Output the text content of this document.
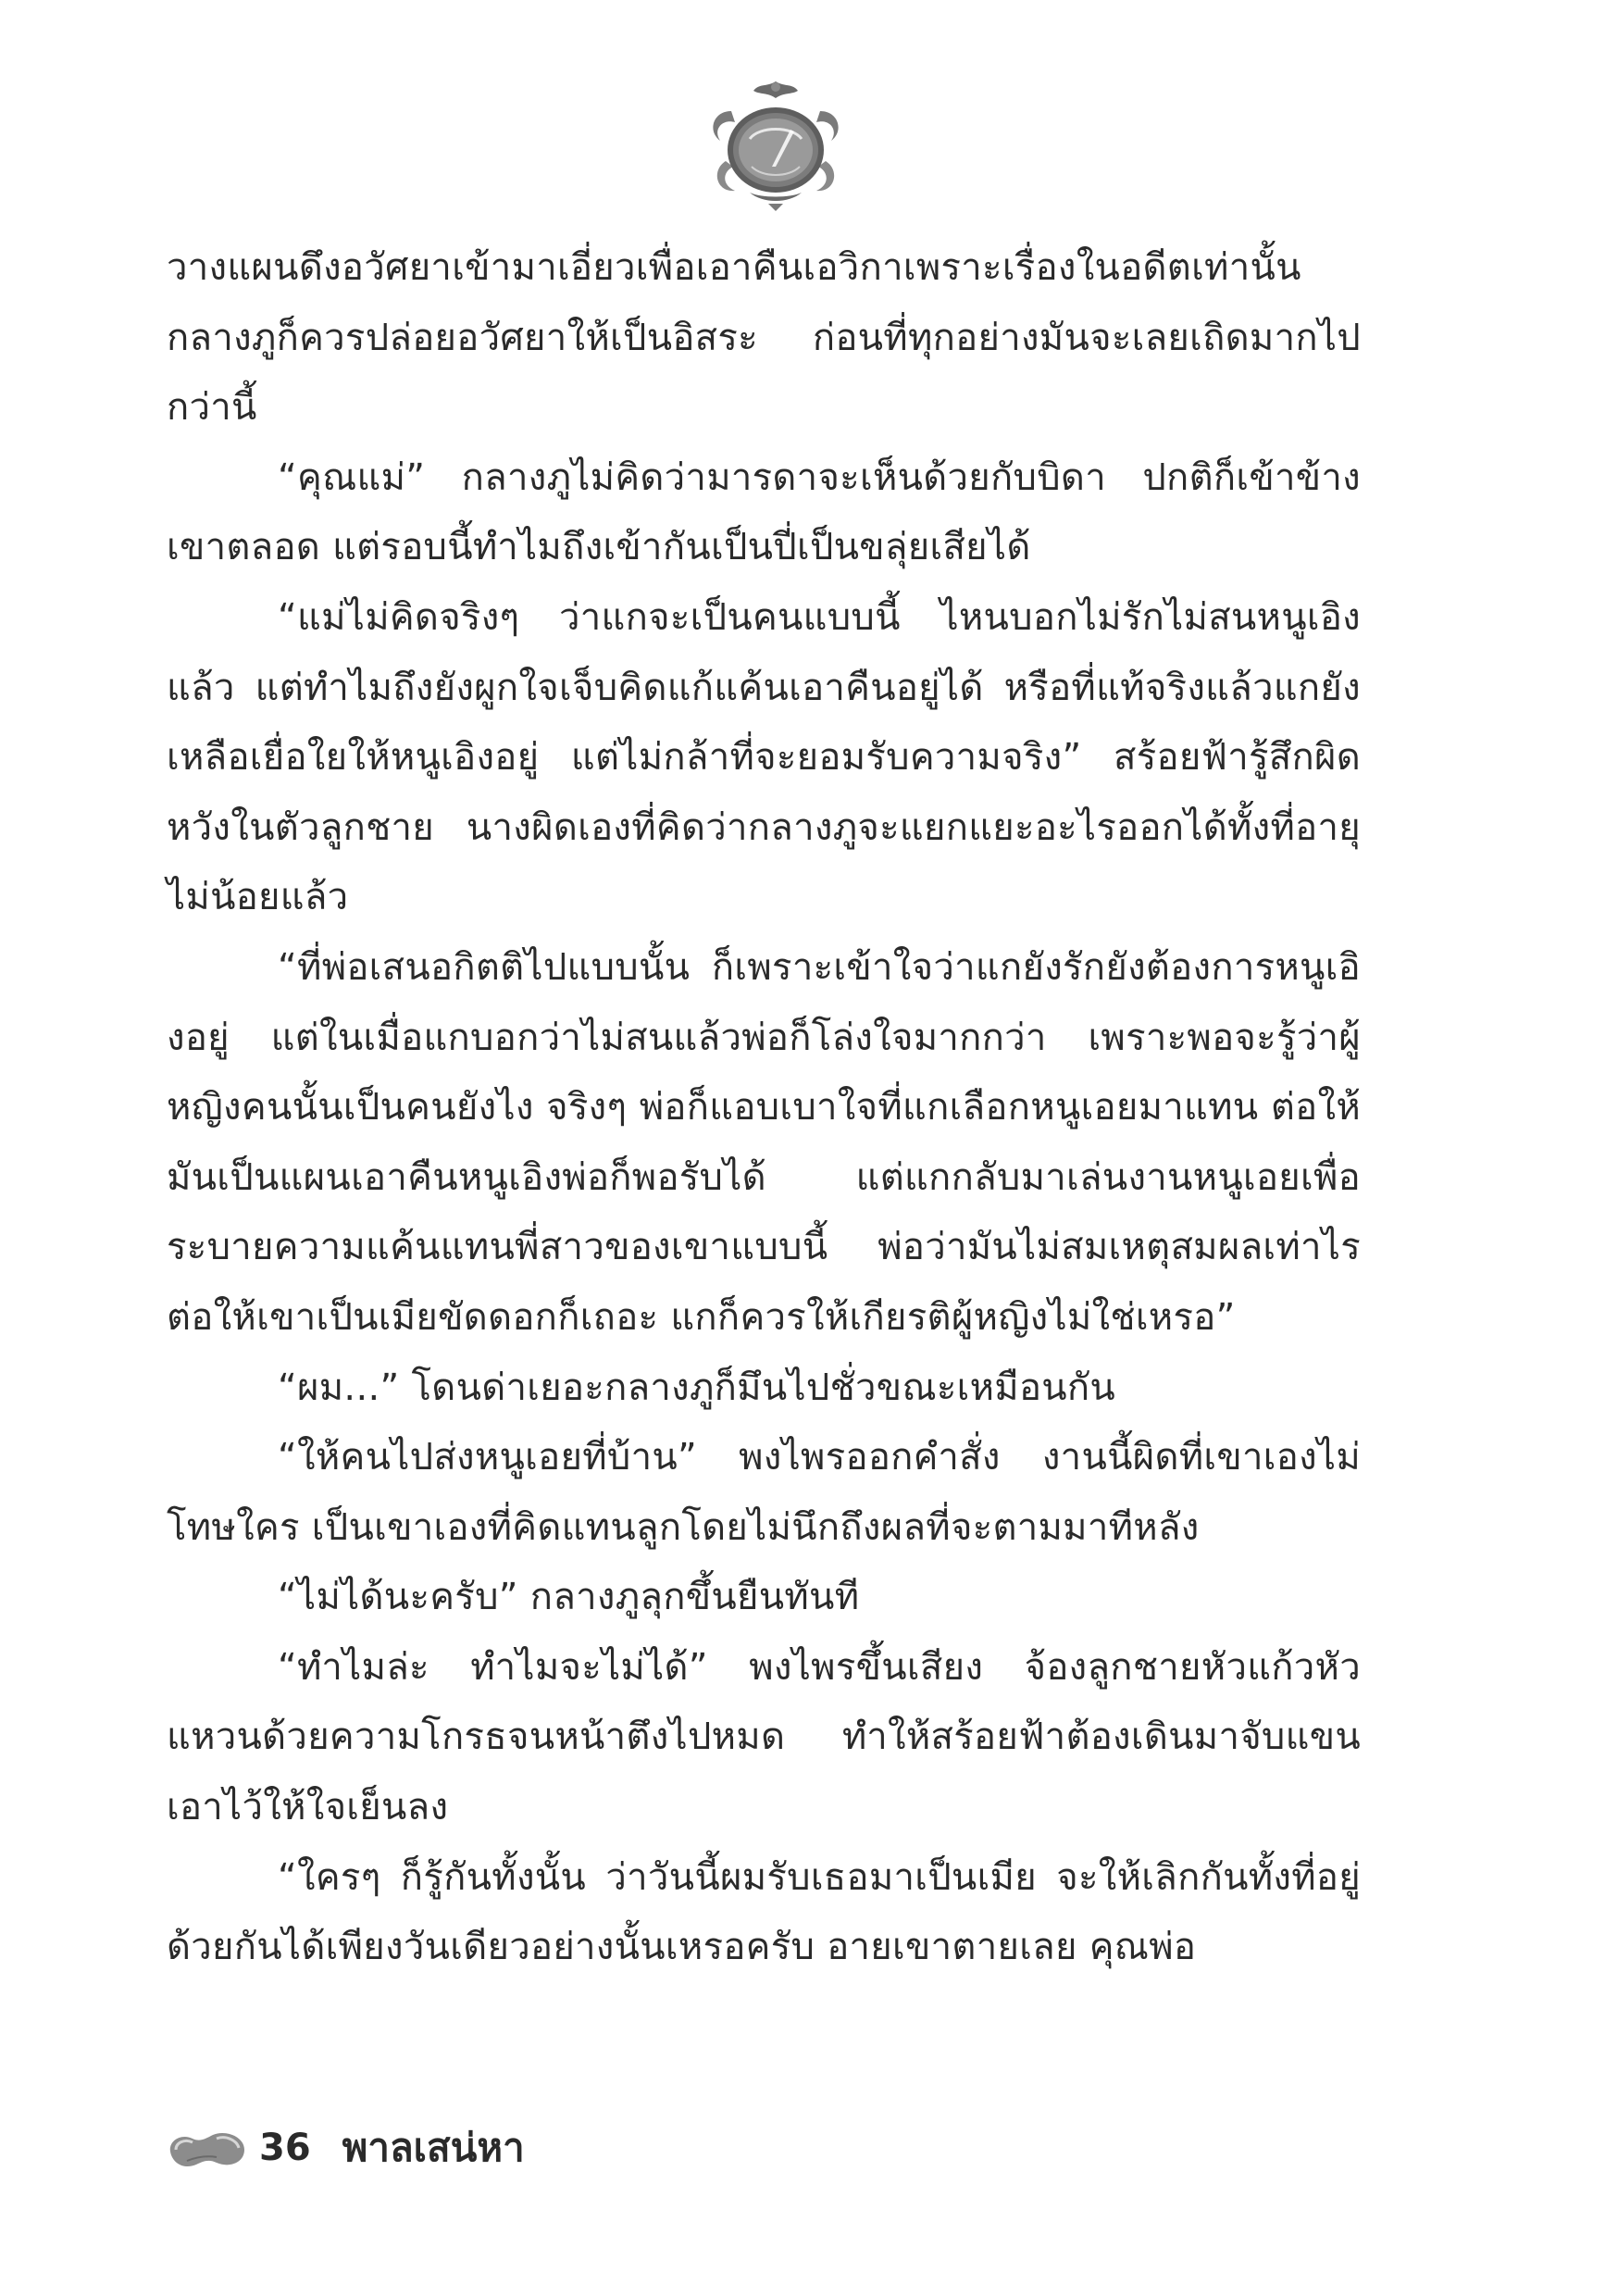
วางแผนดึงอวัศยาเข้ามาเอี่ยวเพื่อเอาคืนเอวิกาเพราะเรื่องในอดีตเท่านั้น กลางภูก็ควรปล่อยอวัศยาให้เป็นอิสระ ก่อนที่ทุกอย่างมันจะเลยเถิดมากไปกว่านี้

“คุณแม่” กลางภูไม่คิดว่ามารดาจะเห็นด้วยกับบิดา ปกติก็เข้าข้างเขาตลอด แต่รอบนี้ทำไมถึงเข้ากันเป็นปี่เป็นขลุ่ยเสียได้

“แม่ไม่คิดจริงๆ ว่าแกจะเป็นคนแบบนี้ ไหนบอกไม่รักไม่สนหนูเอิงแล้ว แต่ทำไมถึงยังผูกใจเจ็บคิดแก้แค้นเอาคืนอยู่ได้ หรือที่แท้จริงแล้วแกยังเหลือเยื่อใยให้หนูเอิงอยู่ แต่ไม่กล้าที่จะยอมรับความจริง” สร้อยฟ้ารู้สึกผิดหวังในตัวลูกชาย นางผิดเองที่คิดว่ากลางภูจะแยกแยะอะไรออกได้ทั้งที่อายุไม่น้อยแล้ว

“ที่พ่อเสนอกิตติไปแบบนั้น ก็เพราะเข้าใจว่าแกยังรักยังต้องการหนูเอิงอยู่ แต่ในเมื่อแกบอกว่าไม่สนแล้วพ่อก็โล่งใจมากกว่า เพราะพอจะรู้ว่าผู้หญิงคนนั้นเป็นคนยังไง จริงๆ พ่อก็แอบเบาใจที่แกเลือกหนูเอยมาแทน ต่อให้มันเป็นแผนเอาคืนหนูเอิงพ่อก็พอรับได้ แต่แกกลับมาเล่นงานหนูเอยเพื่อระบายความแค้นแทนพี่สาวของเขาแบบนี้ พ่อว่ามันไม่สมเหตุสมผลเท่าไร ต่อให้เขาเป็นเมียขัดดอกก็เถอะ แกก็ควรให้เกียรติผู้หญิงไม่ใช่เหรอ”

“ผม...” โดนด่าเยอะกลางภูก็มึนไปชั่วขณะเหมือนกัน

“ให้คนไปส่งหนูเอยที่บ้าน” พงไพรออกคำสั่ง งานนี้ผิดที่เขาเองไม่โทษใคร เป็นเขาเองที่คิดแทนลูกโดยไม่นึกถึงผลที่จะตามมาทีหลัง

“ไม่ได้นะครับ” กลางภูลุกขึ้นยืนทันที

“ทำไมล่ะ ทำไมจะไม่ได้” พงไพรขึ้นเสียง จ้องลูกชายหัวแก้วหัวแหวนด้วยความโกรธจนหน้าตึงไปหมด ทำให้สร้อยฟ้าต้องเดินมาจับแขนเอาไว้ให้ใจเย็นลง

“ใครๆ ก็รู้กันทั้งนั้น ว่าวันนี้ผมรับเธอมาเป็นเมีย จะให้เลิกกันทั้งที่อยู่ด้วยกันได้เพียงวันเดียวอย่างนั้นเหรอครับ อายเขาตายเลย คุณพ่อ

36 พาลเสน่หา
